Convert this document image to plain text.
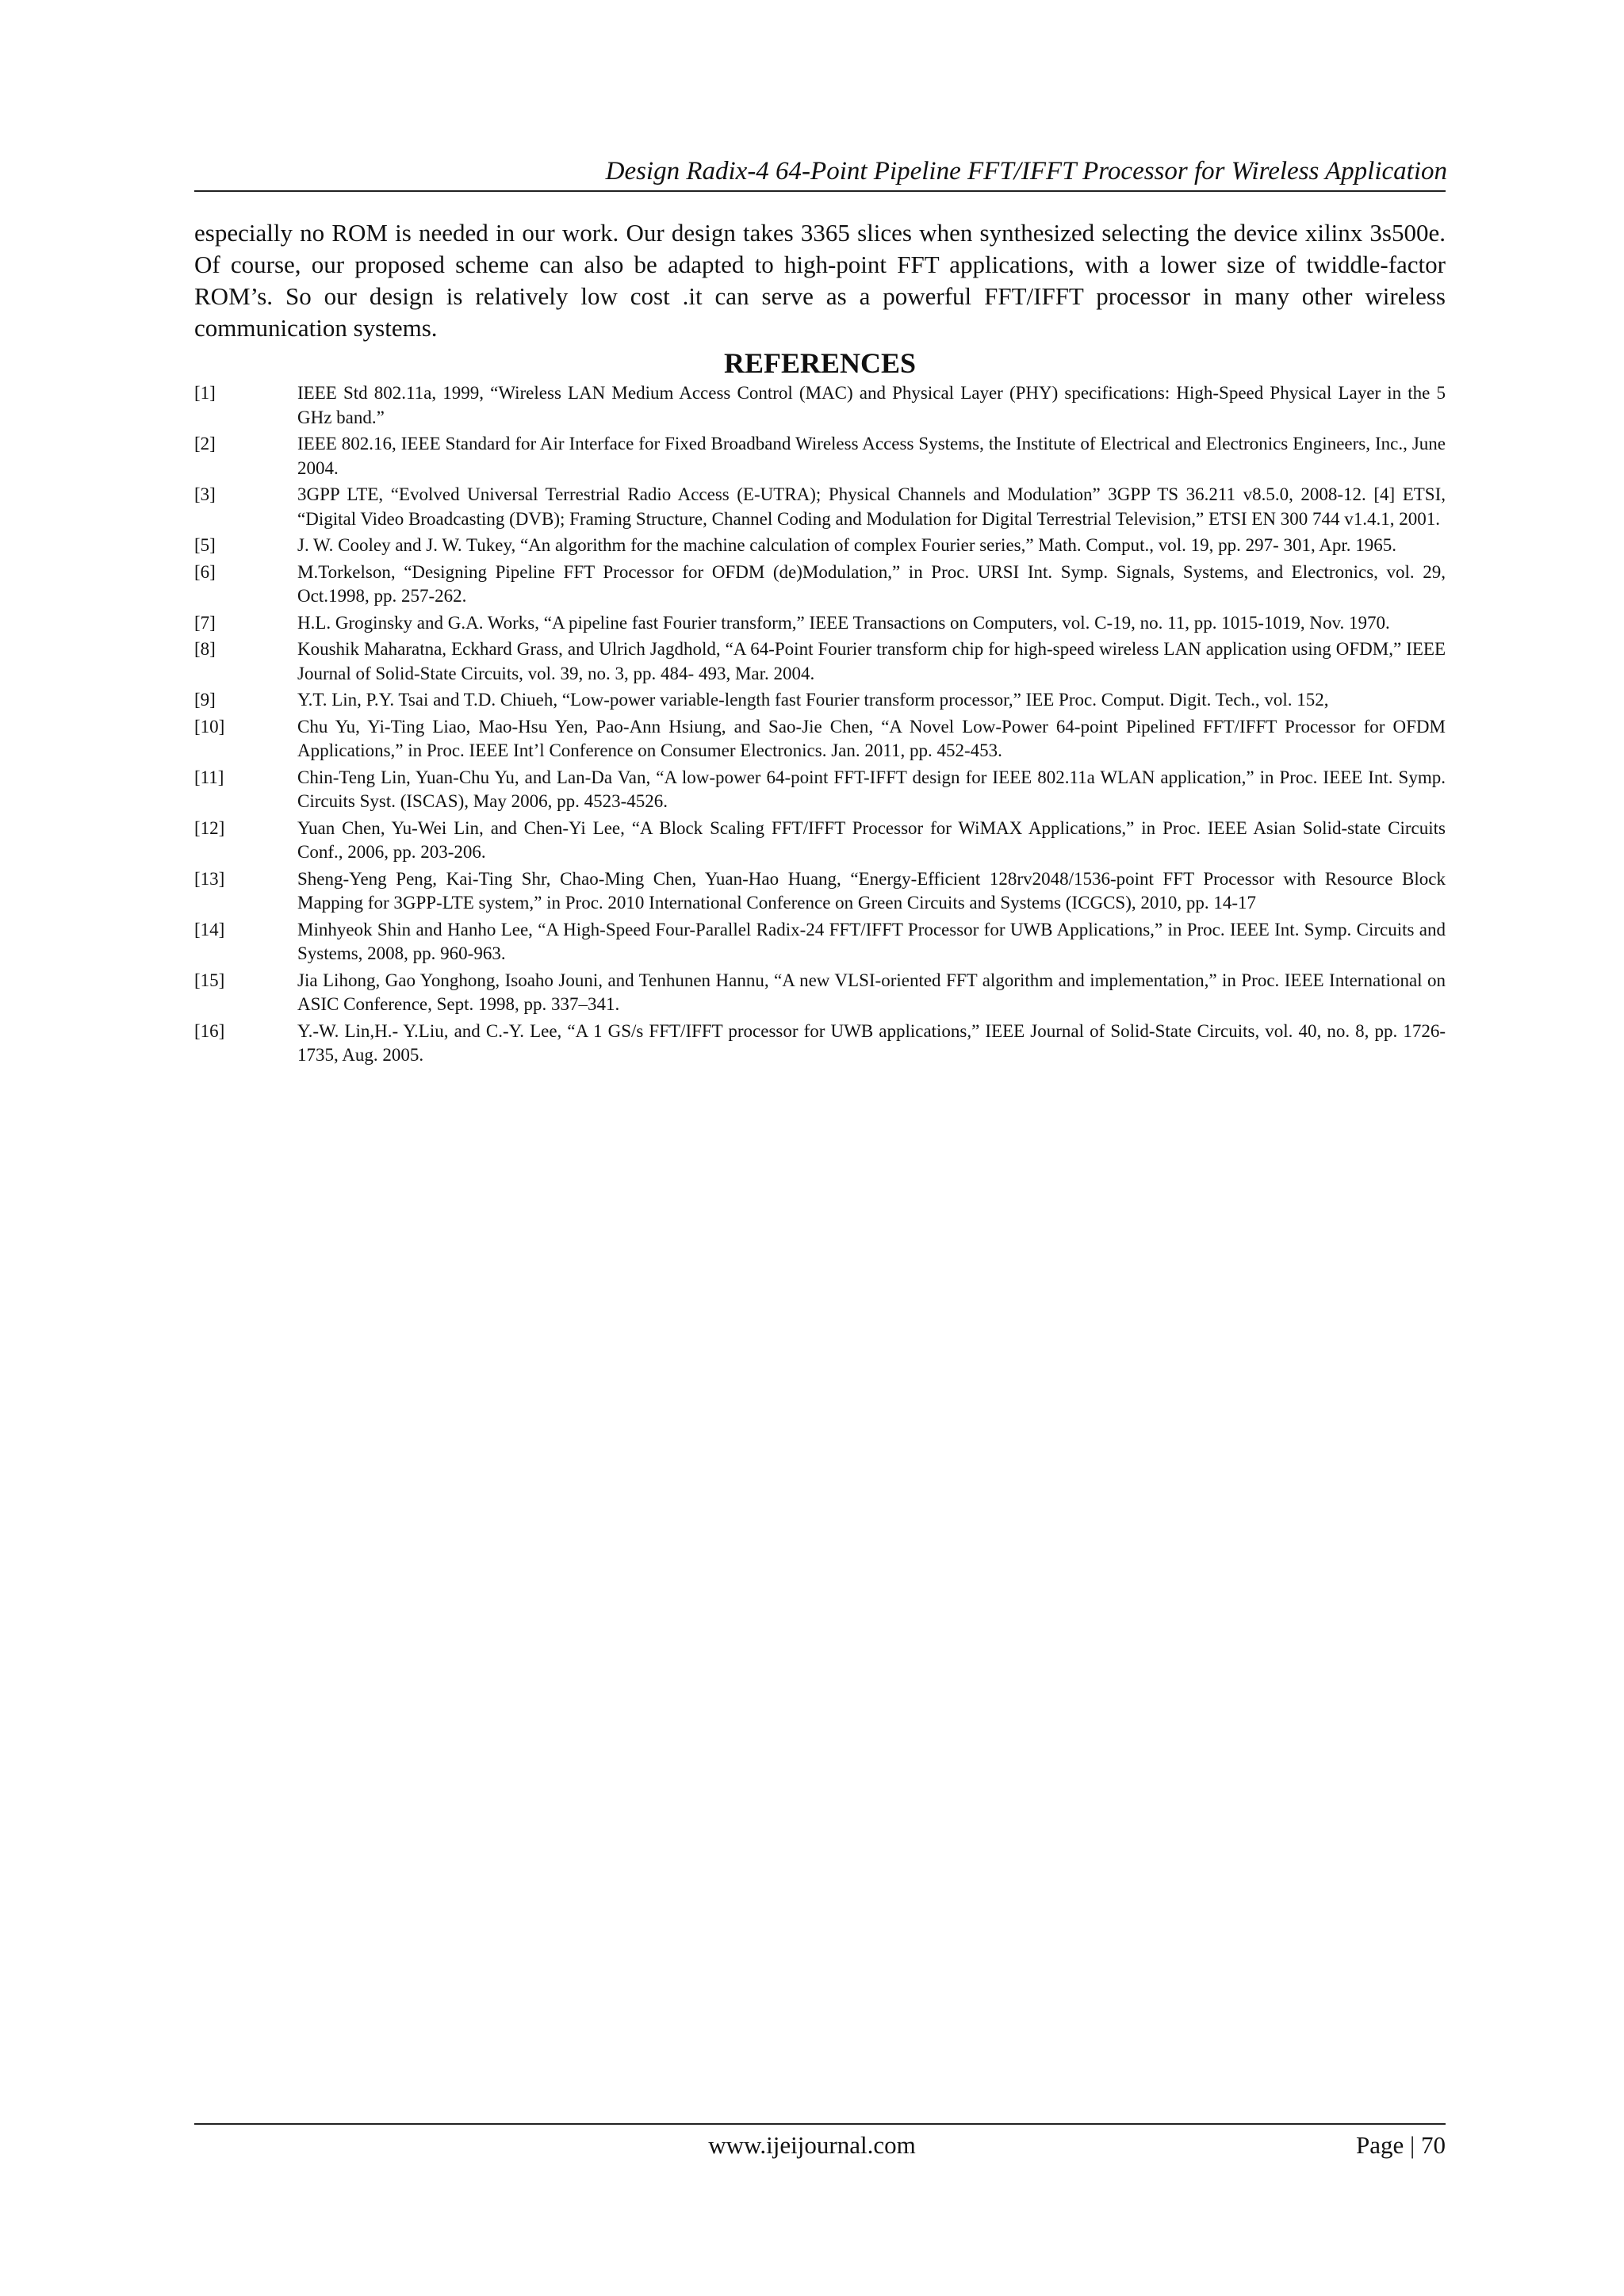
Design Radix-4 64-Point Pipeline FFT/IFFT Processor for Wireless Application

especially no ROM is needed in our work. Our design takes 3365 slices when synthesized selecting the device xilinx 3s500e. Of course, our proposed scheme can also be adapted to high-point FFT applications, with a lower size of twiddle-factor ROM’s. So our design is relatively low cost .it can serve as a powerful FFT/IFFT processor in many other wireless communication systems.

REFERENCES
[1]	IEEE Std 802.11a, 1999, “Wireless LAN Medium Access Control (MAC) and Physical Layer (PHY) specifications: High-Speed Physical Layer in the 5 GHz band.”
[2]	IEEE 802.16, IEEE Standard for Air Interface for Fixed Broadband Wireless Access Systems, the Institute of Electrical and Electronics Engineers, Inc., June 2004.
[3]	3GPP LTE, “Evolved Universal Terrestrial Radio Access (E-UTRA); Physical Channels and Modulation” 3GPP TS 36.211 v8.5.0, 2008-12. [4] ETSI, “Digital Video Broadcasting (DVB); Framing Structure, Channel Coding and Modulation for Digital Terrestrial Television,” ETSI EN 300 744 v1.4.1, 2001.
[5]	J. W. Cooley and J. W. Tukey, “An algorithm for the machine calculation of complex Fourier series,” Math. Comput., vol. 19, pp. 297- 301, Apr. 1965.
[6]	M.Torkelson, “Designing Pipeline FFT Processor for OFDM (de)Modulation,” in Proc. URSI Int. Symp. Signals, Systems, and Electronics, vol. 29, Oct.1998, pp. 257-262.
[7]	H.L. Groginsky and G.A. Works, “A pipeline fast Fourier transform,” IEEE Transactions on Computers, vol. C-19, no. 11, pp. 1015-1019, Nov. 1970.
[8]	Koushik Maharatna, Eckhard Grass, and Ulrich Jagdhold, “A 64-Point Fourier transform chip for high-speed wireless LAN application using OFDM,” IEEE Journal of Solid-State Circuits, vol. 39, no. 3, pp. 484- 493, Mar. 2004.
[9]	Y.T. Lin, P.Y. Tsai and T.D. Chiueh, “Low-power variable-length fast Fourier transform processor,” IEE Proc. Comput. Digit. Tech., vol. 152,
[10]	Chu Yu, Yi-Ting Liao, Mao-Hsu Yen, Pao-Ann Hsiung, and Sao-Jie Chen, “A Novel Low-Power 64-point Pipelined FFT/IFFT Processor for OFDM Applications,” in Proc. IEEE Int’l Conference on Consumer Electronics. Jan. 2011, pp. 452-453.
[11]	Chin-Teng Lin, Yuan-Chu Yu, and Lan-Da Van, “A low-power 64-point FFT-IFFT design for IEEE 802.11a WLAN application,” in Proc. IEEE Int. Symp. Circuits Syst. (ISCAS), May 2006, pp. 4523-4526.
[12]	Yuan Chen, Yu-Wei Lin, and Chen-Yi Lee, “A Block Scaling FFT/IFFT Processor for WiMAX Applications,” in Proc. IEEE Asian Solid-state Circuits Conf., 2006, pp. 203-206.
[13]	Sheng-Yeng Peng, Kai-Ting Shr, Chao-Ming Chen, Yuan-Hao Huang, “Energy-Efficient 128rv2048/1536-point FFT Processor with Resource Block Mapping for 3GPP-LTE system,” in Proc. 2010 International Conference on Green Circuits and Systems (ICGCS), 2010, pp. 14-17
[14]	Minhyeok Shin and Hanho Lee, “A High-Speed Four-Parallel Radix-24 FFT/IFFT Processor for UWB Applications,” in Proc. IEEE Int. Symp. Circuits and Systems, 2008, pp. 960-963.
[15]	Jia Lihong, Gao Yonghong, Isoaho Jouni, and Tenhunen Hannu, “A new VLSI-oriented FFT algorithm and implementation,” in Proc. IEEE International on ASIC Conference, Sept. 1998, pp. 337–341.
[16]	Y.-W. Lin,H.- Y.Liu, and C.-Y. Lee, “A 1 GS/s FFT/IFFT processor for UWB applications,” IEEE Journal of Solid-State Circuits, vol. 40, no. 8, pp. 1726-1735, Aug. 2005.
www.ijeijournal.com	Page | 70
